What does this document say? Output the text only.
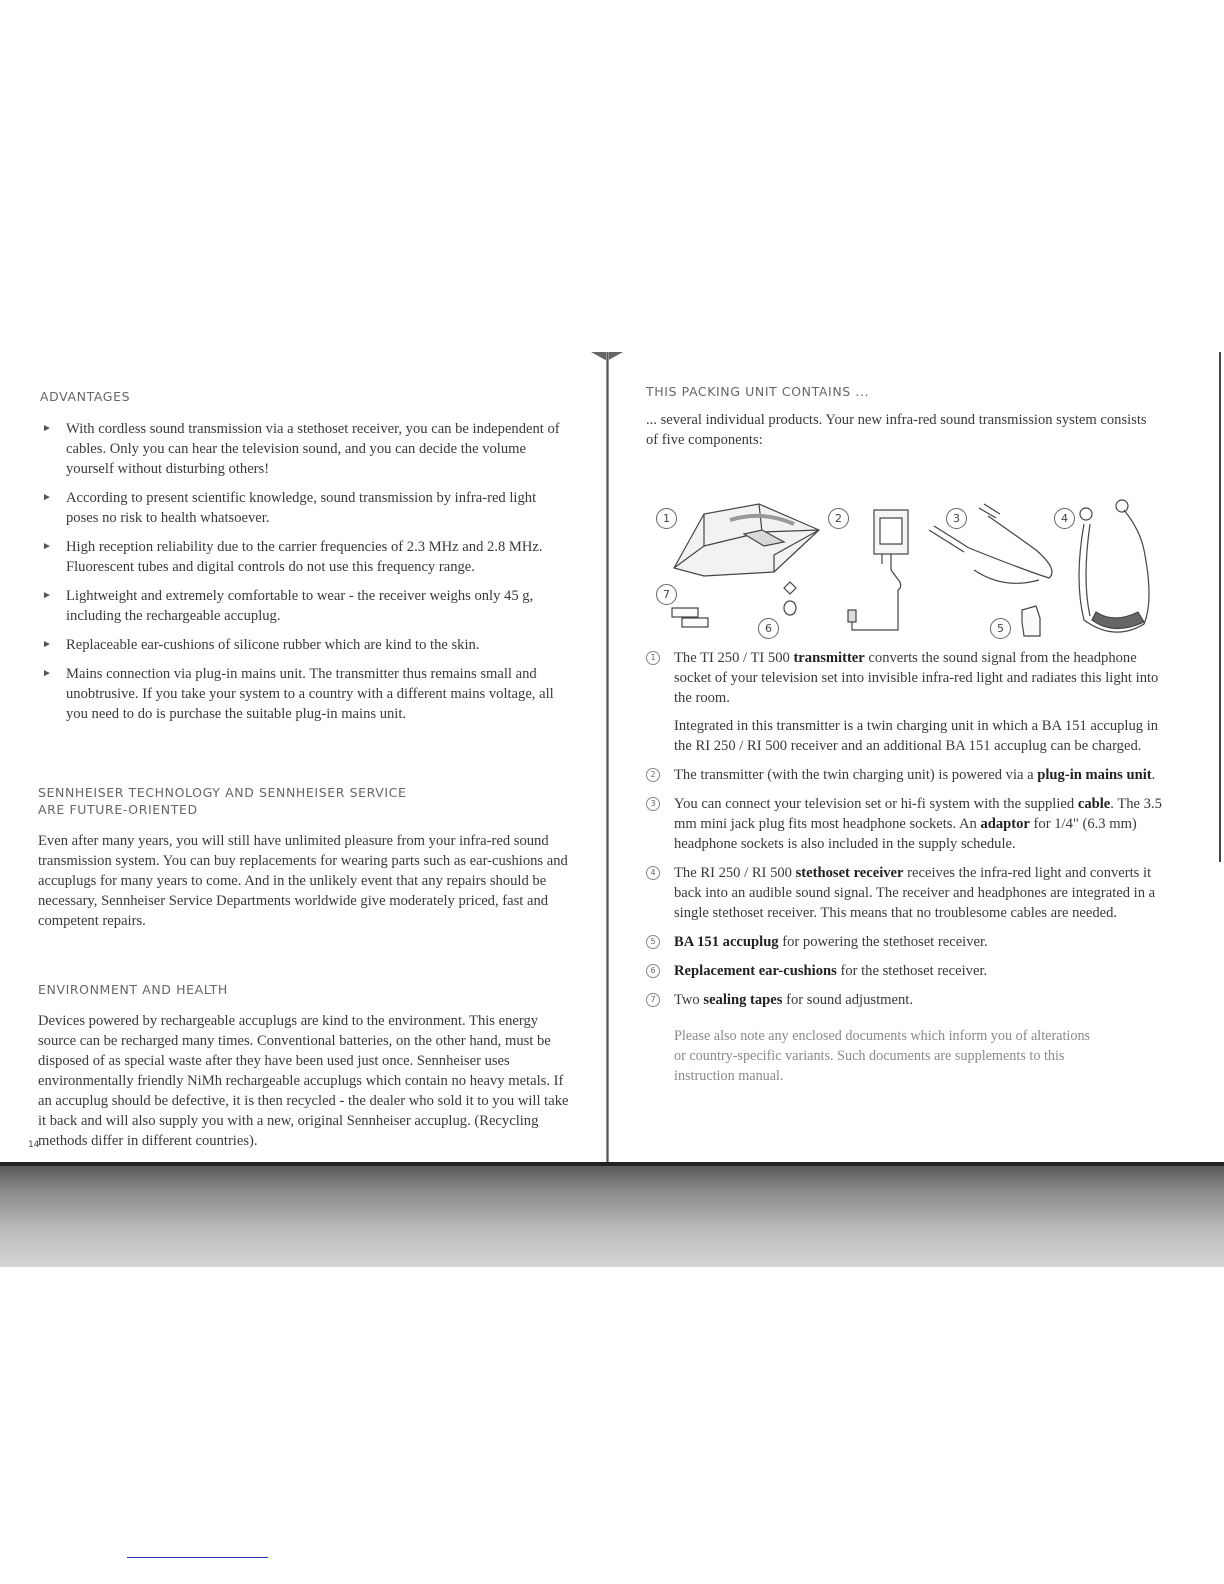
ADVANTAGES
► With cordless sound transmission via a stethoset receiver, you can be independent of cables. Only you can hear the television sound, and you can decide the volume yourself without disturbing others!
► According to present scientific knowledge, sound transmission by infra-red light poses no risk to health whatsoever.
► High reception reliability due to the carrier frequencies of 2.3 MHz and 2.8 MHz. Fluorescent tubes and digital controls do not use this frequency range.
► Lightweight and extremely comfortable to wear - the receiver weighs only 45 g, including the rechargeable accuplug.
► Replaceable ear-cushions of silicone rubber which are kind to the skin.
► Mains connection via plug-in mains unit. The transmitter thus remains small and unobtrusive. If you take your system to a country with a different mains voltage, all you need to do is purchase the suitable plug-in mains unit.
SENNHEISER TECHNOLOGY AND SENNHEISER SERVICE
ARE FUTURE-ORIENTED

Even after many years, you will still have unlimited pleasure from your infra-red sound transmission system. You can buy replacements for wearing parts such as ear-cushions and accuplugs for many years to come. And in the unlikely event that any repairs should be necessary, Sennheiser Service Departments worldwide give moderately priced, fast and competent repairs.

ENVIRONMENT AND HEALTH

Devices powered by rechargeable accuplugs are kind to the environment. This energy source can be recharged many times. Conventional batteries, on the other hand, must be disposed of as special waste after they have been used just once. Sennheiser uses environmentally friendly NiMh rechargeable accuplugs which contain no heavy metals. If an accuplug should be defective, it is then recycled - the dealer who sold it to you will take it back and will also supply you with a new, original Sennheiser accuplug. (Recycling methods differ in different countries).

14
THIS PACKING UNIT CONTAINS ...

... several individual products. Your new infra-red sound transmission system consists of five components:

1	2	3	4
5
6
7
1	The TI 250 / TI 500 transmitter converts the sound signal from the headphone socket of your television set into invisible infra-red light and radiates this light into the room.
Integrated in this transmitter is a twin charging unit in which a BA 151 accuplug in the RI 250 / RI 500 receiver and an additional BA 151 accuplug can be charged.
2	The transmitter (with the twin charging unit) is powered via a plug-in mains unit.
3	You can connect your television set or hi-fi system with the supplied cable. The 3.5 mm mini jack plug fits most headphone sockets. An adaptor for 1/4" (6.3 mm) headphone sockets is also included in the supply schedule.
4	The RI 250 / RI 500 stethoset receiver receives the infra-red light and converts it back into an audible sound signal. The receiver and headphones are integrated in a single stethoset receiver. This means that no troublesome cables are needed.
5	BA 151 accuplug for powering the stethoset receiver.
6	Replacement ear-cushions for the stethoset receiver.
7	Two sealing tapes for sound adjustment.

Please also note any enclosed documents which inform you of alterations or country-specific variants. Such documents are supplements to this instruction manual.
